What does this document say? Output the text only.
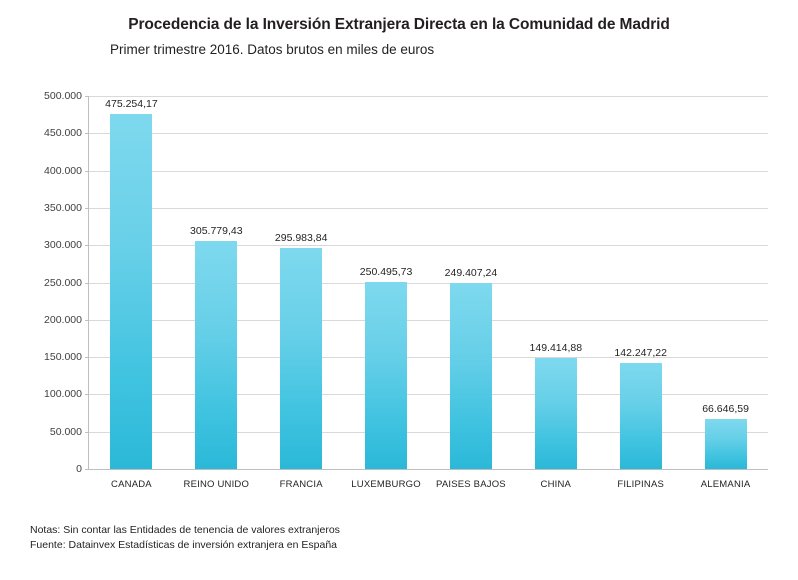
Procedencia de la Inversión Extranjera Directa en la Comunidad de Madrid
Primer trimestre 2016. Datos brutos en miles de euros
0
50.000
100.000
150.000
200.000
250.000
300.000
350.000
400.000
450.000
500.000
475.254,17
CANADA
305.779,43
REINO UNIDO
295.983,84
FRANCIA
250.495,73
LUXEMBURGO
249.407,24
PAISES BAJOS
149.414,88
CHINA
142.247,22
FILIPINAS
66.646,59
ALEMANIA
Notas: Sin contar las Entidades de tenencia de valores extranjeros
Fuente: Datainvex Estadísticas de inversión extranjera en España
